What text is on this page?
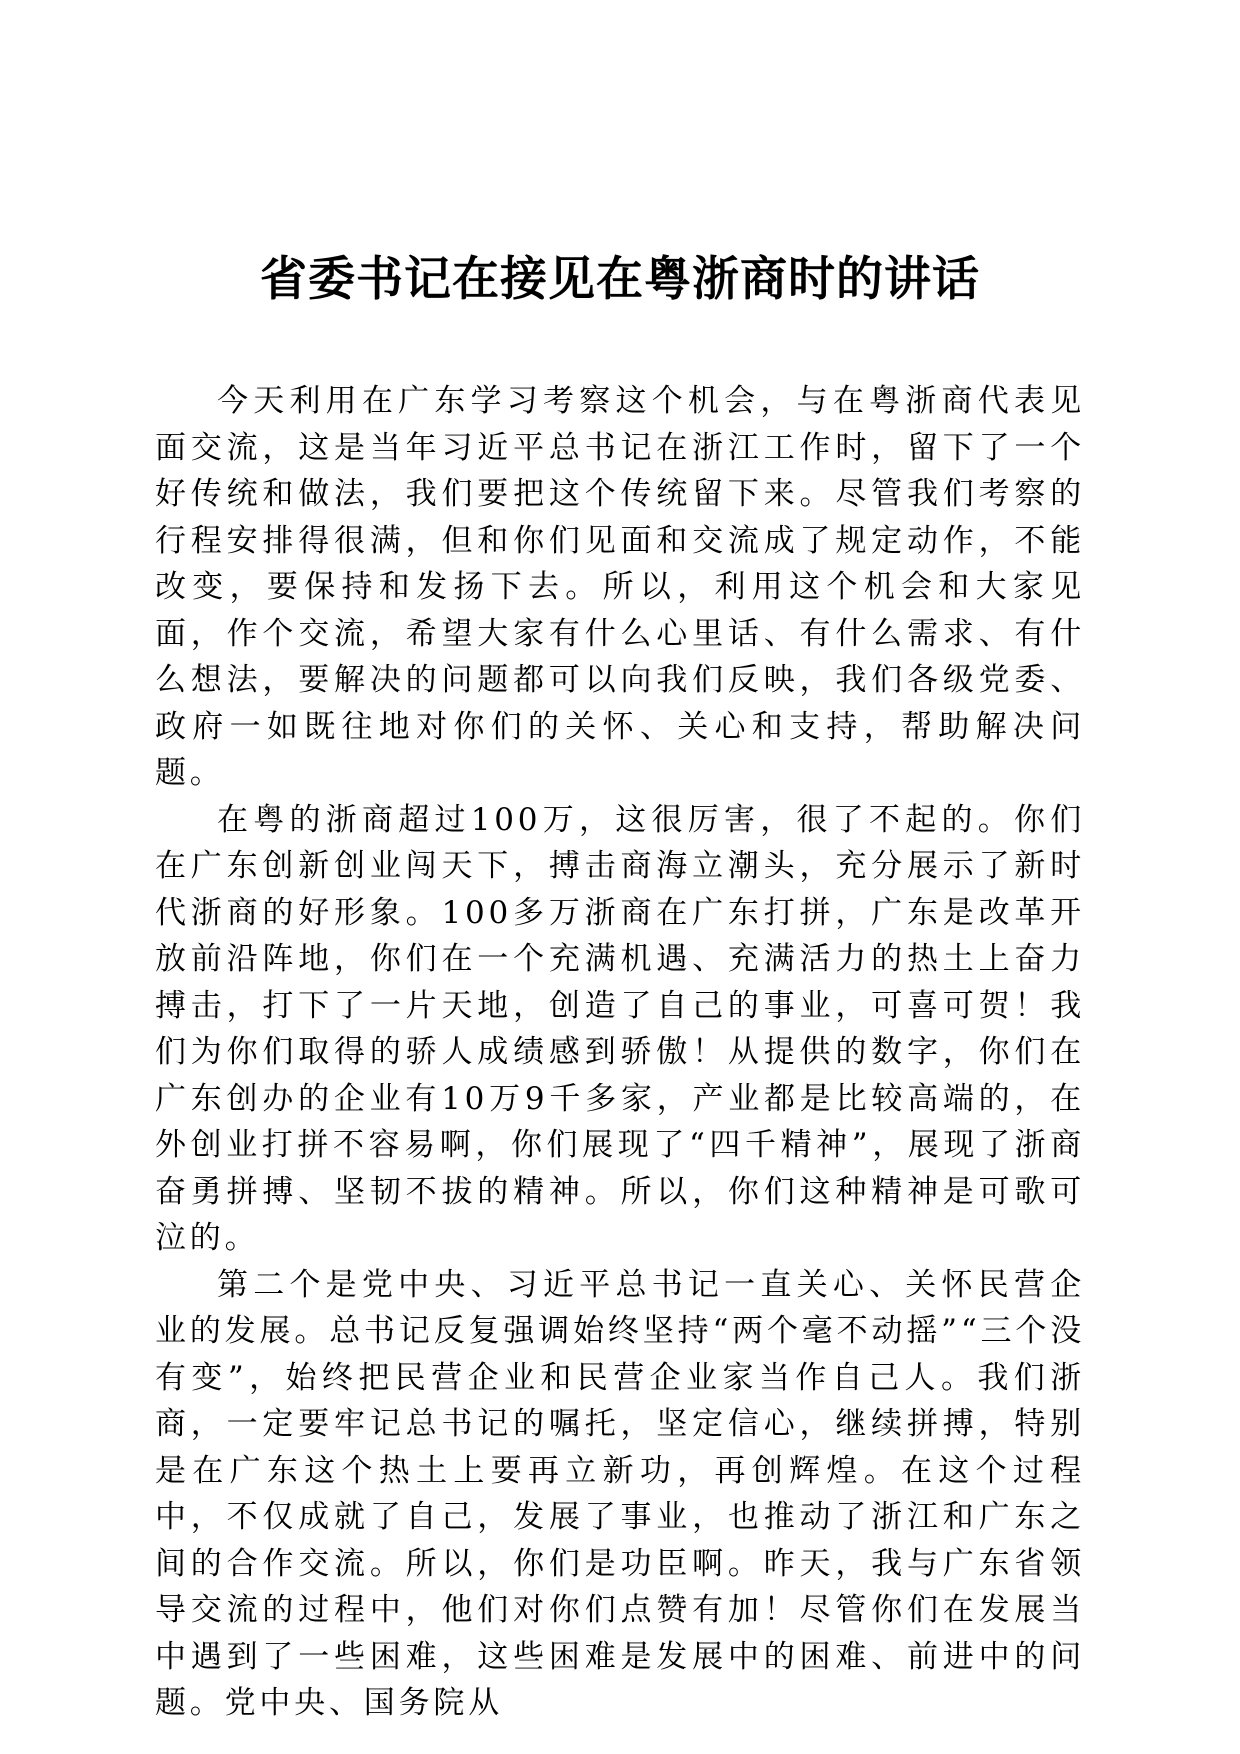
省委书记在接见在粤浙商时的讲话

今天利用在广东学习考察这个机会，与在粤浙商代表见面交流，这是当年习近平总书记在浙江工作时，留下了一个好传统和做法，我们要把这个传统留下来。尽管我们考察的行程安排得很满，但和你们见面和交流成了规定动作，不能改变，要保持和发扬下去。所以，利用这个机会和大家见面，作个交流，希望大家有什么心里话、有什么需求、有什么想法，要解决的问题都可以向我们反映，我们各级党委、政府一如既往地对你们的关怀、关心和支持，帮助解决问题。

在粤的浙商超过100万，这很厉害，很了不起的。你们在广东创新创业闯天下，搏击商海立潮头，充分展示了新时代浙商的好形象。100多万浙商在广东打拼，广东是改革开放前沿阵地，你们在一个充满机遇、充满活力的热土上奋力搏击，打下了一片天地，创造了自己的事业，可喜可贺！我们为你们取得的骄人成绩感到骄傲！从提供的数字，你们在广东创办的企业有10万9千多家，产业都是比较高端的，在外创业打拼不容易啊，你们展现了“四千精神”，展现了浙商奋勇拼搏、坚韧不拔的精神。所以，你们这种精神是可歌可泣的。

第二个是党中央、习近平总书记一直关心、关怀民营企业的发展。总书记反复强调始终坚持“两个毫不动摇”“三个没有变”，始终把民营企业和民营企业家当作自己人。我们浙商，一定要牢记总书记的嘱托，坚定信心，继续拼搏，特别是在广东这个热土上要再立新功，再创辉煌。在这个过程中，不仅成就了自己，发展了事业，也推动了浙江和广东之间的合作交流。所以，你们是功臣啊。昨天，我与广东省领导交流的过程中，他们对你们点赞有加！尽管你们在发展当中遇到了一些困难，这些困难是发展中的困难、前进中的问题。党中央、国务院从
